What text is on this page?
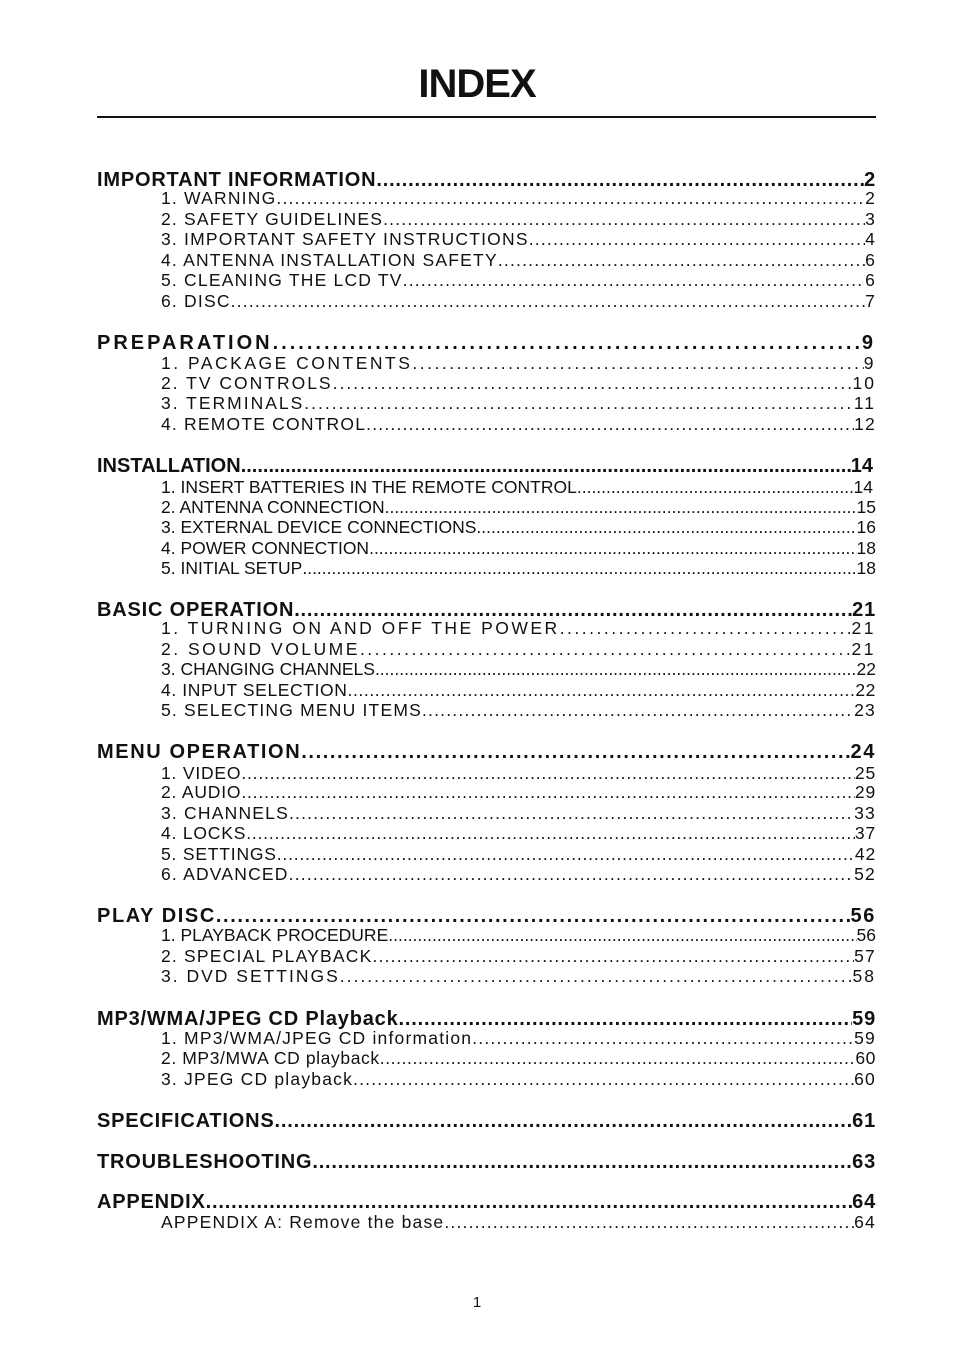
INDEX
IMPORTANT INFORMATION .....	2
1. WARNING .....	2
2. SAFETY GUIDELINES .....	3
3. IMPORTANT SAFETY INSTRUCTIONS .....	4
4. ANTENNA INSTALLATION SAFETY .....	6
5. CLEANING THE LCD TV .....	6
6. DISC .....	7
PREPARATION .....	9
1. PACKAGE CONTENTS .....	9
2. TV CONTROLS .....	10
3. TERMINALS .....	11
4. REMOTE CONTROL .....	12
INSTALLATION .....	14
1. INSERT BATTERIES IN THE REMOTE CONTROL .....	14
2. ANTENNA CONNECTION .....	15
3. EXTERNAL DEVICE CONNECTIONS .....	16
4. POWER CONNECTION .....	18
5. INITIAL SETUP .....	18
BASIC OPERATION .....	21
1. TURNING ON AND OFF THE POWER .....	21
2. SOUND VOLUME .....	21
3. CHANGING CHANNELS .....	22
4. INPUT SELECTION .....	22
5. SELECTING MENU ITEMS .....	23
MENU OPERATION .....	24
1. VIDEO .....	25
2. AUDIO .....	29
3. CHANNELS .....	33
4. LOCKS .....	37
5. SETTINGS .....	42
6. ADVANCED .....	52
PLAY DISC .....	56
1. PLAYBACK PROCEDURE .....	56
2. SPECIAL PLAYBACK .....	57
3. DVD SETTINGS .....	58
MP3/WMA/JPEG CD Playback .....	59
1. MP3/WMA/JPEG CD information .....	59
2. MP3/MWA CD playback .....	60
3. JPEG CD playback .....	60
SPECIFICATIONS .....	61
TROUBLESHOOTING .....	63
APPENDIX .....	64
APPENDIX A: Remove the base .....	64
1
